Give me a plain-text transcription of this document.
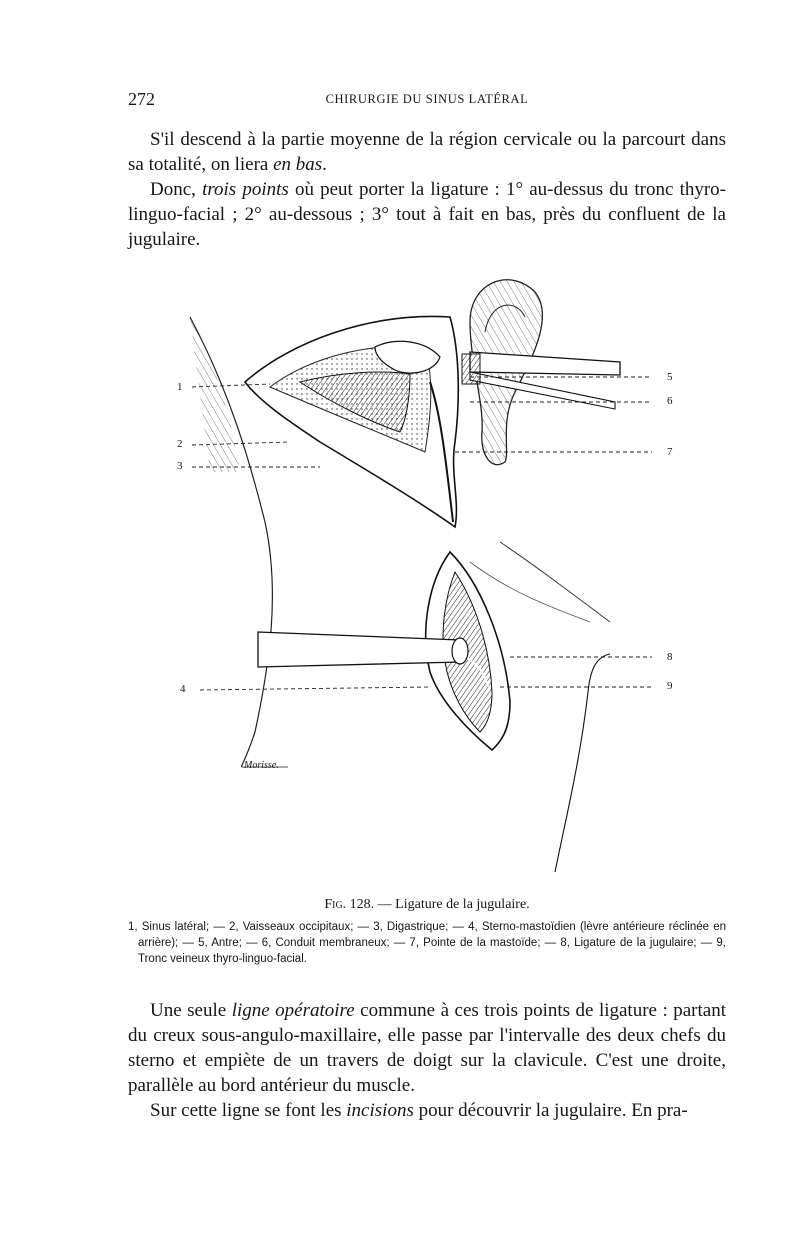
272	CHIRURGIE DU SINUS LATÉRAL

S'il descend à la partie moyenne de la région cervicale ou la parcourt dans sa totalité, on liera en bas.

Donc, trois points où peut porter la ligature : 1° au-dessus du tronc thyro-linguo-facial ; 2° au-dessous ; 3° tout à fait en bas, près du confluent de la jugulaire.

1
2
3
4
5
6
7
8
9
Morisse.
Fig. 128. — Ligature de la jugulaire.

1, Sinus latéral; — 2, Vaisseaux occipitaux; — 3, Digastrique; — 4, Sterno-mastoïdien (lèvre antérieure réclinée en arrière); — 5, Antre; — 6, Conduit membraneux; — 7, Pointe de la mastoïde; — 8, Ligature de la jugulaire; — 9, Tronc veineux thyro-linguo-facial.

Une seule ligne opératoire commune à ces trois points de ligature : partant du creux sous-angulo-maxillaire, elle passe par l'intervalle des deux chefs du sterno et empiète de un travers de doigt sur la clavicule. C'est une droite, parallèle au bord antérieur du muscle.

Sur cette ligne se font les incisions pour découvrir la jugulaire. En pra-
